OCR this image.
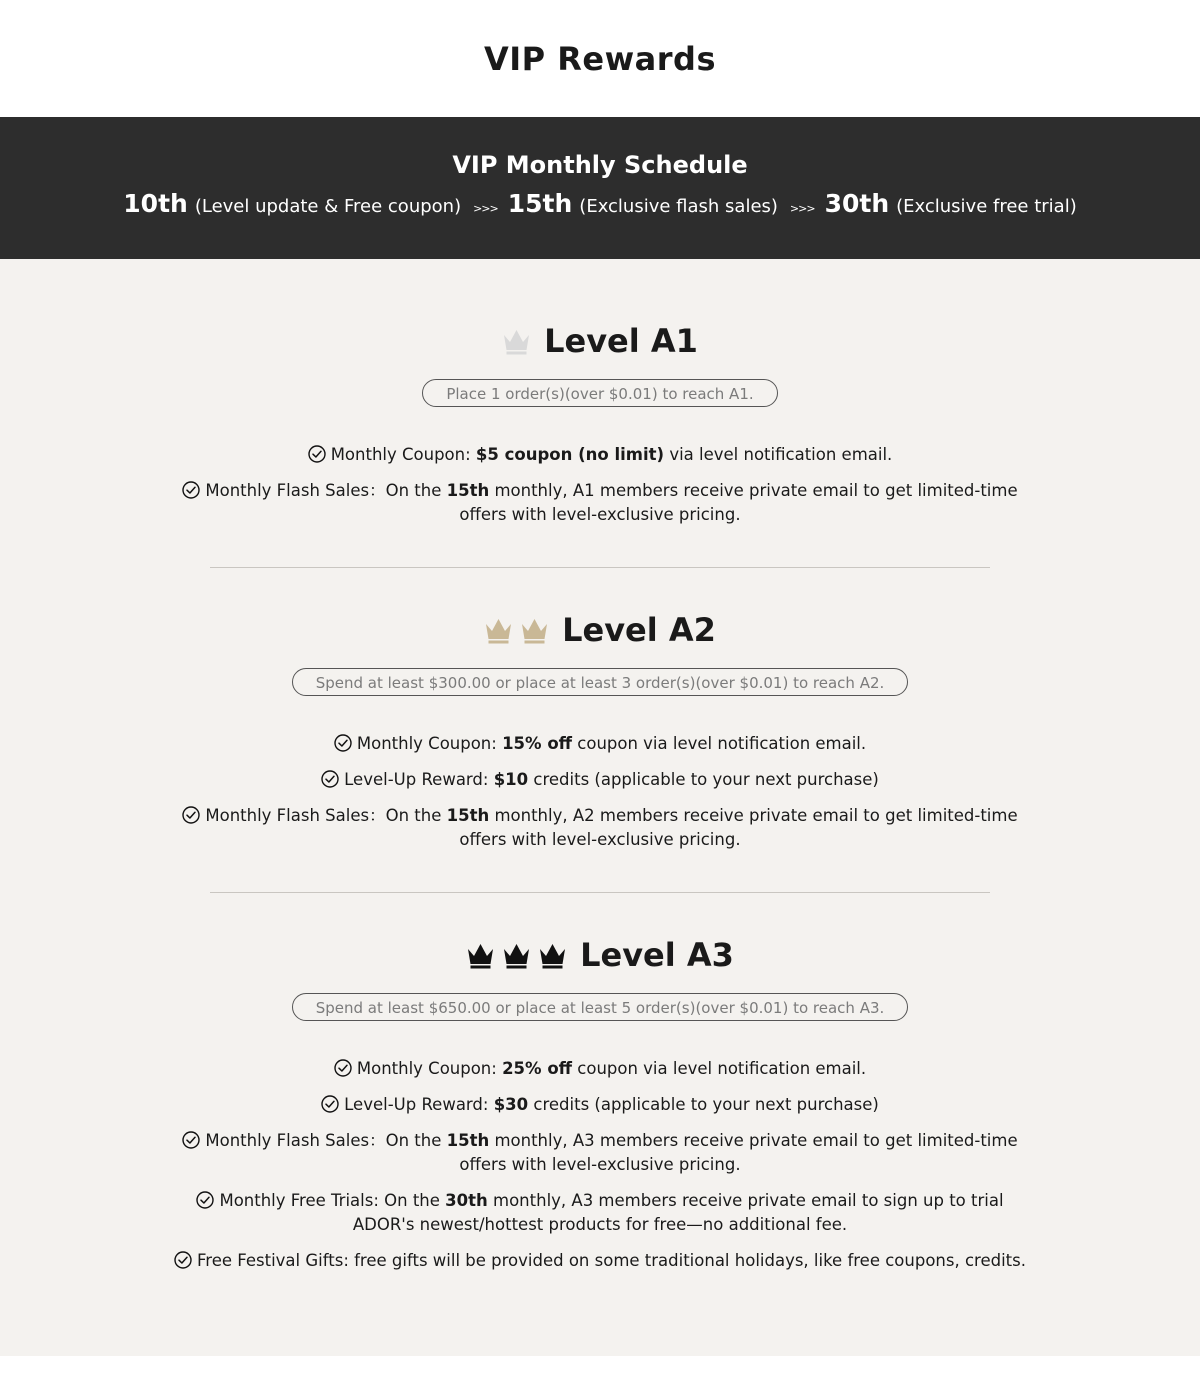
VIP Rewards
VIP Monthly Schedule
10th (Level update & Free coupon) >>> 15th (Exclusive flash sales) >>> 30th (Exclusive free trial)
Level A1
Place 1 order(s)(over $0.01) to reach A1.
Monthly Coupon: $5 coupon (no limit) via level notification email.
Monthly Flash Sales：On the 15th monthly, A1 members receive private email to get limited-time offers with level-exclusive pricing.
Level A2
Spend at least $300.00 or place at least 3 order(s)(over $0.01) to reach A2.
Monthly Coupon: 15% off coupon via level notification email.
Level-Up Reward: $10 credits (applicable to your next purchase)
Monthly Flash Sales：On the 15th monthly, A2 members receive private email to get limited-time offers with level-exclusive pricing.
Level A3
Spend at least $650.00 or place at least 5 order(s)(over $0.01) to reach A3.
Monthly Coupon: 25% off coupon via level notification email.
Level-Up Reward: $30 credits (applicable to your next purchase)
Monthly Flash Sales：On the 15th monthly, A3 members receive private email to get limited-time offers with level-exclusive pricing.
Monthly Free Trials: On the 30th monthly, A3 members receive private email to sign up to trial ADOR's newest/hottest products for free—no additional fee.
Free Festival Gifts: free gifts will be provided on some traditional holidays, like free coupons, credits.
